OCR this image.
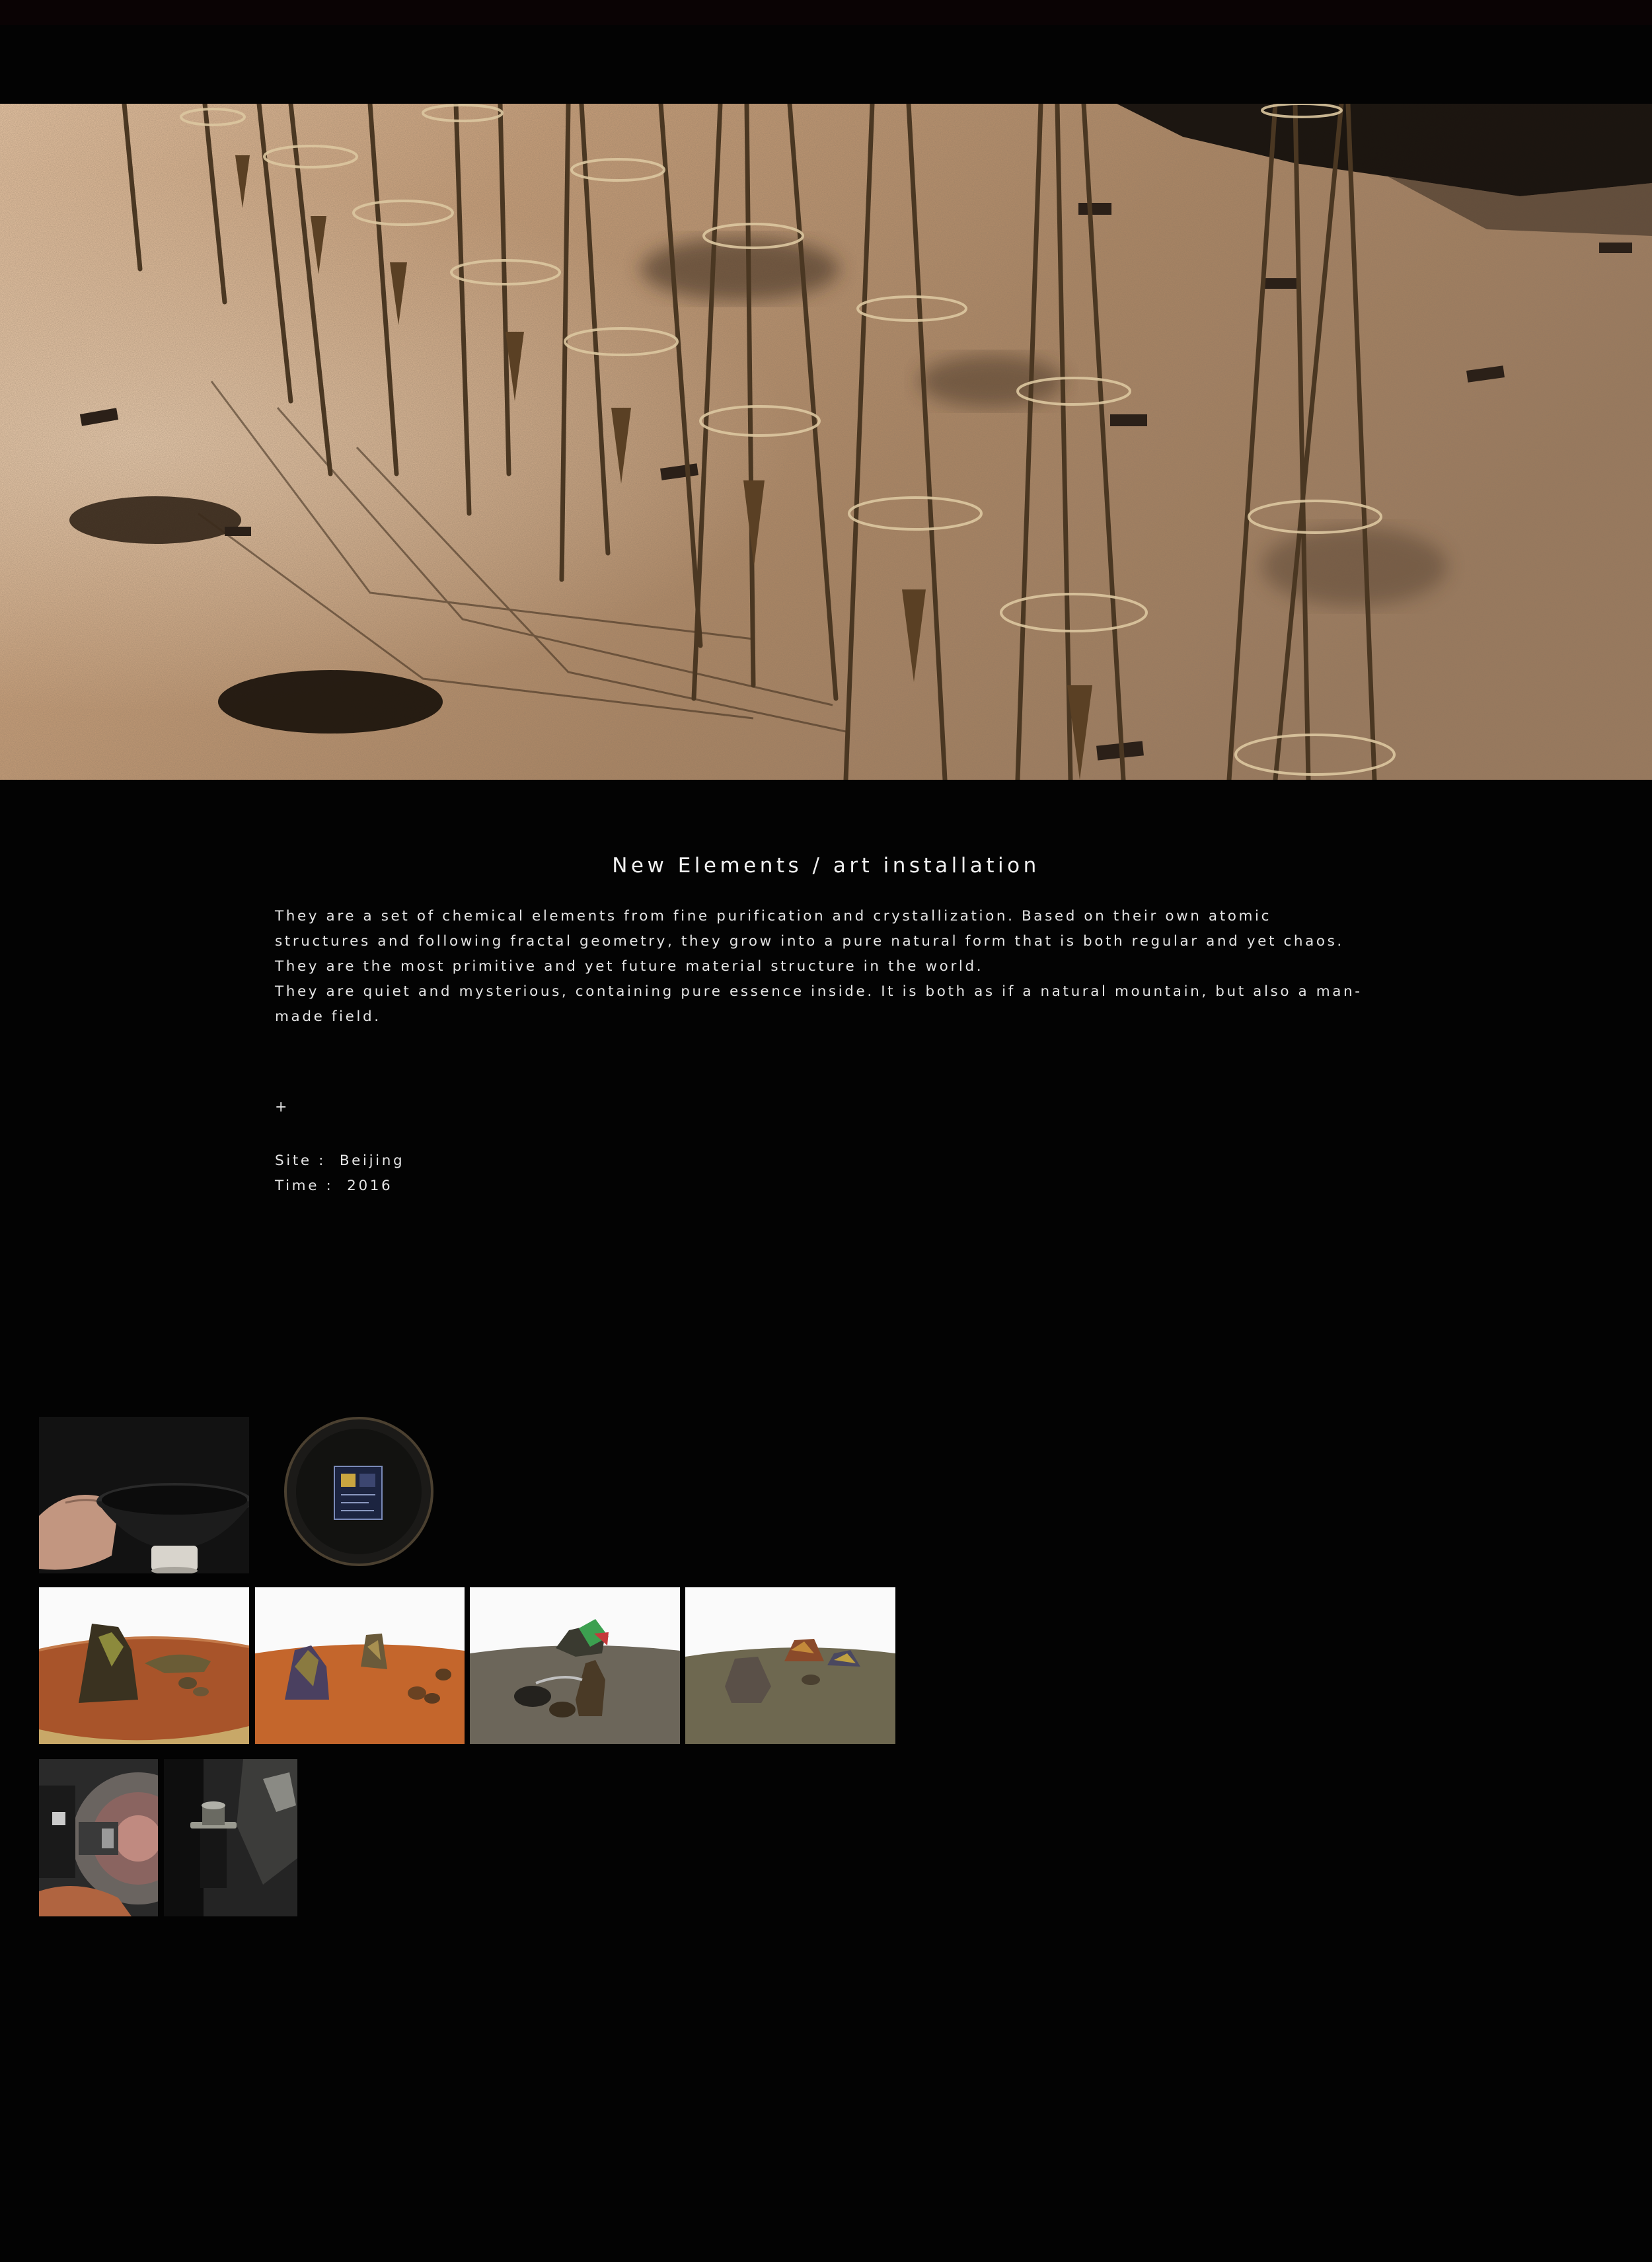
New Elements / art installation

They are a set of chemical elements from fine purification and crystallization. Based on their own atomic structures and following fractal geometry, they grow into a pure natural form that is both regular and yet chaos. They are the most primitive and yet future material structure in the world.

They are quiet and mysterious, containing pure essence inside. It is both as if a natural mountain, but also a man-made field.

+
Site :  Beijing
Time :  2016
